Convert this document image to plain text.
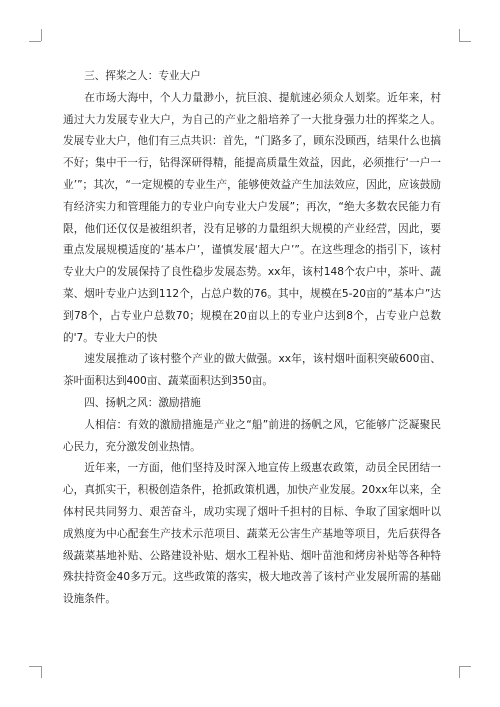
三、挥桨之人：专业大户

在市场大海中，个人力量渺小，抗巨浪、提航速必须众人划桨。近年来，村通过大力发展专业大户，为自己的产业之船培养了一大批身强力壮的挥桨之人。发展专业大户，他们有三点共识：首先，“门路多了，顾东没顾西，结果什么也搞不好；集中干一行，钻得深研得精，能提高质量生效益，因此，必须推行‘一户一业’”；其次，“一定规模的专业生产，能够使效益产生加法效应，因此，应该鼓励有经济实力和管理能力的专业户向专业大户发展”；再次，“绝大多数农民能力有限，他们还仅仅是被组织者，没有足够的力量组织大规模的产业经营，因此，要重点发展规模适度的‘基本户’，谨慎发展‘超大户’”。在这些理念的指引下，该村专业大户的发展保持了良性稳步发展态势。xx年，该村148个农户中，茶叶、蔬菜、烟叶专业户达到112个，占总户数的76。其中，规模在5-20亩的”基本户”达到78个，占专业户总数70；规模在20亩以上的专业户达到8个，占专业户总数的'7。专业大户的快

速发展推动了该村整个产业的做大做强。xx年，该村烟叶面积突破600亩、茶叶面积达到400亩、蔬菜面积达到350亩。

四、扬帆之风：激励措施

人相信：有效的激励措施是产业之“船”前进的扬帆之风，它能够广泛凝聚民心民力，充分激发创业热情。

近年来，一方面，他们坚持及时深入地宣传上级惠农政策，动员全民团结一心，真抓实干，积极创造条件，抢抓政策机遇，加快产业发展。20xx年以来，全体村民共同努力、艰苦奋斗，成功实现了烟叶千担村的目标、争取了国家烟叶以成熟度为中心配套生产技术示范项目、蔬菜无公害生产基地等项目，先后获得各级蔬菜基地补贴、公路建设补贴、烟水工程补贴、烟叶苗池和烤房补贴等各种特殊扶持资金40多万元。这些政策的落实，极大地改善了该村产业发展所需的基础设施条件。
